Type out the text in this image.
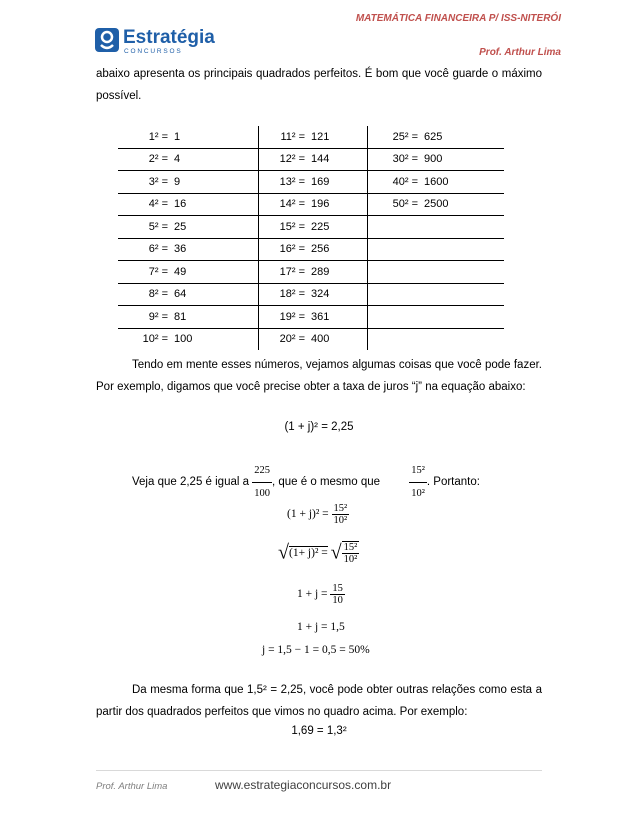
Estratégia
C O N C U R S O S
MATEMÁTICA FINANCEIRA P/ ISS-NITERÓI
Prof. Arthur Lima
abaixo apresenta os principais quadrados perfeitos. É bom que você guarde o máximo possível.
1² =	1	11² =	121	25² =	625
2² =	4	12² =	144	30² =	900
3² =	9	13² =	169	40² =	1600
4² =	16	14² =	196	50² =	2500
5² =	25	15² =	225		
6² =	36	16² =	256		
7² =	49	17² =	289		
8² =	64	18² =	324		
9² =	81	19² =	361		
10² =	100	20² =	400		
Tendo em mente esses números, vejamos algumas coisas que você pode fazer. Por exemplo, digamos que você precise obter a taxa de juros “j” na equação abaixo:
(1 + j)² = 2,25
Veja que 2,25 é igual a $\frac{225}{100}$ , que é o mesmo que	$\frac{\text{15²}}{\text{10²}}$ . Portanto:
$(1 + j)^2 = \frac{\text{15²}}{\text{10²}}$
√(1+ j)² = √ $\frac{\text{15²}}{\text{10²}}$
$1 + j = \frac{15}{10}$
1 + j = 1,5
j = 1,5 − 1 = 0,5 = 50%
Da mesma forma que 1,5² = 2,25, você pode obter outras relações como esta a partir dos quadrados perfeitos que vimos no quadro acima. Por exemplo:
1,69 = 1,3²
Prof. Arthur Lima	www.estrategiaconcursos.com.br
